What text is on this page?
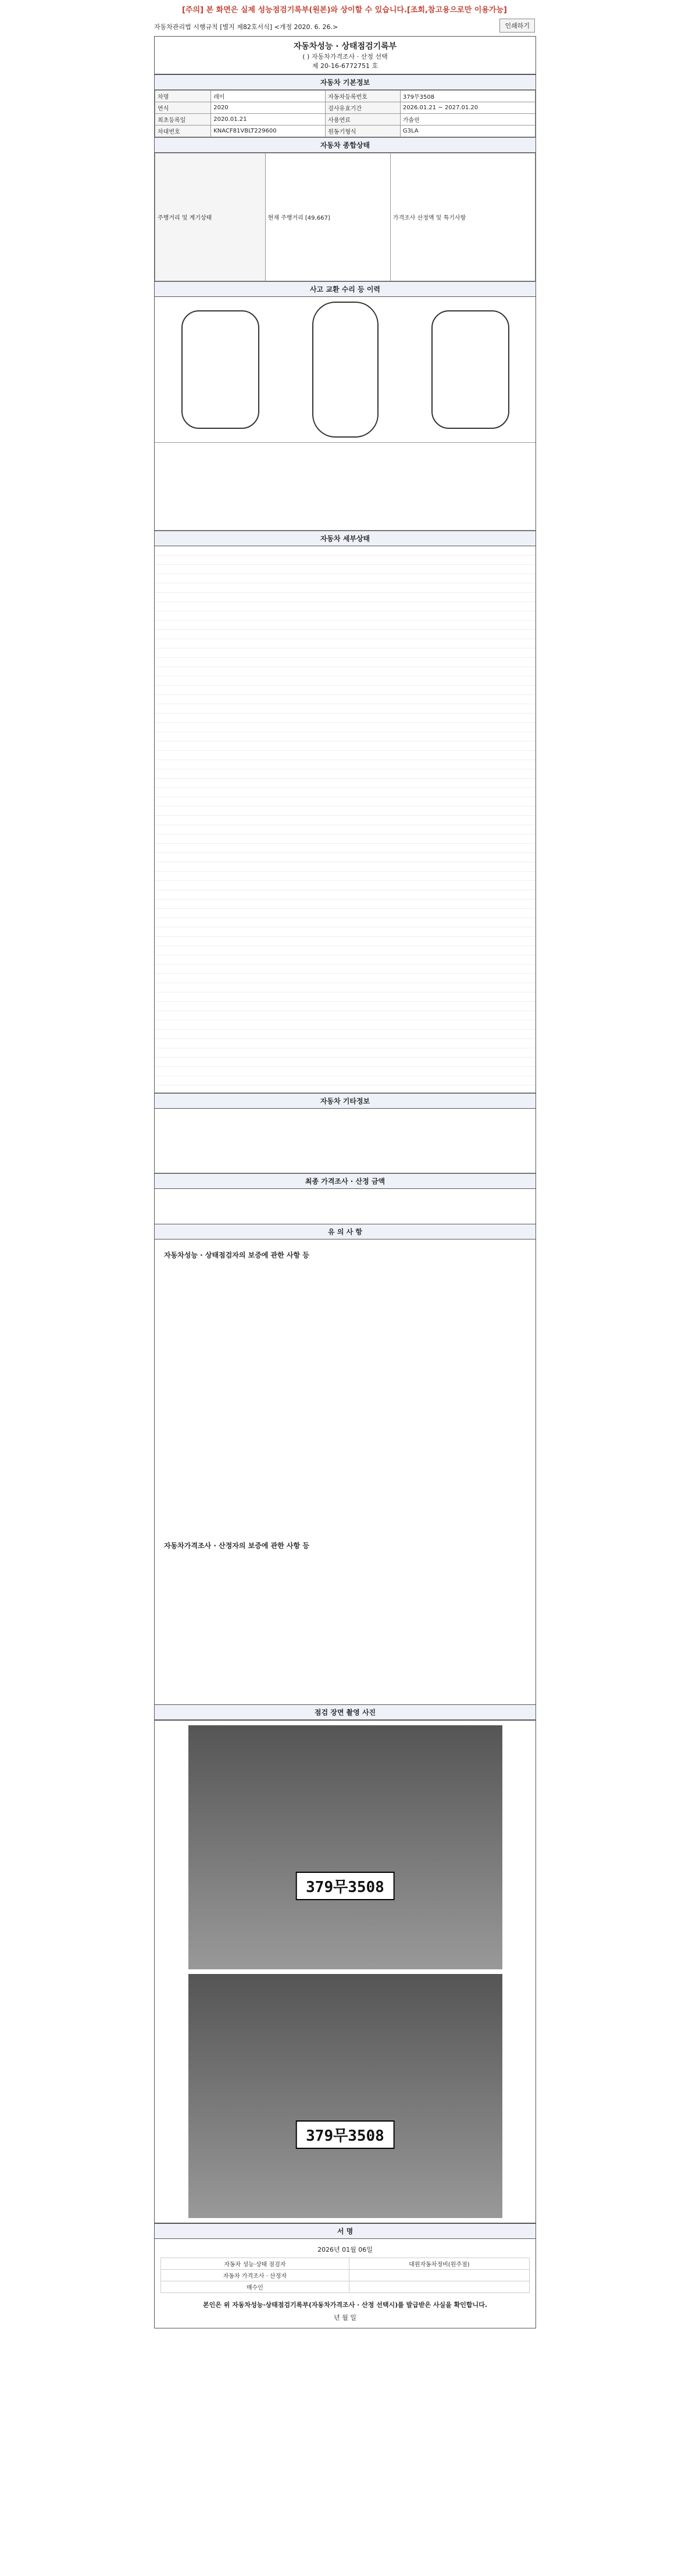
[주의] 본 화면은 실제 성능점검기록부(원본)와 상이할 수 있습니다.[조회,참고용으로만 이용가능]
자동차관리법 시행규칙 [별지 제82호서식] <개정 2020. 6. 26.>	인쇄하기
자동차성능 · 상태점검기록부
( ) 자동차가격조사 · 산정 선택
제 20-16-6772751 호
자동차 기본정보
차명	레이	자동차등록번호	379무3508
연식	2020	검사유효기간	2026.01.21 ~ 2027.01.20
최초등록일	2020.01.21	사용연료	가솔린
차대번호	KNACF81VBLT229600	원동기형식	G3LA
자동차 종합상태
주행거리 및 계기상태	현재 주행거리 [49,667]	가격조사 산정액 및 특기사항
사고 교환 수리 등 이력
자동차 세부상태
자동차 기타정보
최종 가격조사 · 산정 금액
유 의 사 항
자동차성능 · 상태점검자의 보증에 관한 사항 등
자동차가격조사 · 산정자의 보증에 관한 사항 등
점검 장면 촬영 사진
379무3508
379무3508
서 명
2026년 01월 06일
자동차 성능·상태 점검자	대원자동차정비(원주점)
자동차 가격조사 · 산정자	
매수인	
본인은 위 자동차성능·상태점검기록부(자동차가격조사 · 산정 선택시)를 발급받은 사실을 확인합니다.
년 월 일
